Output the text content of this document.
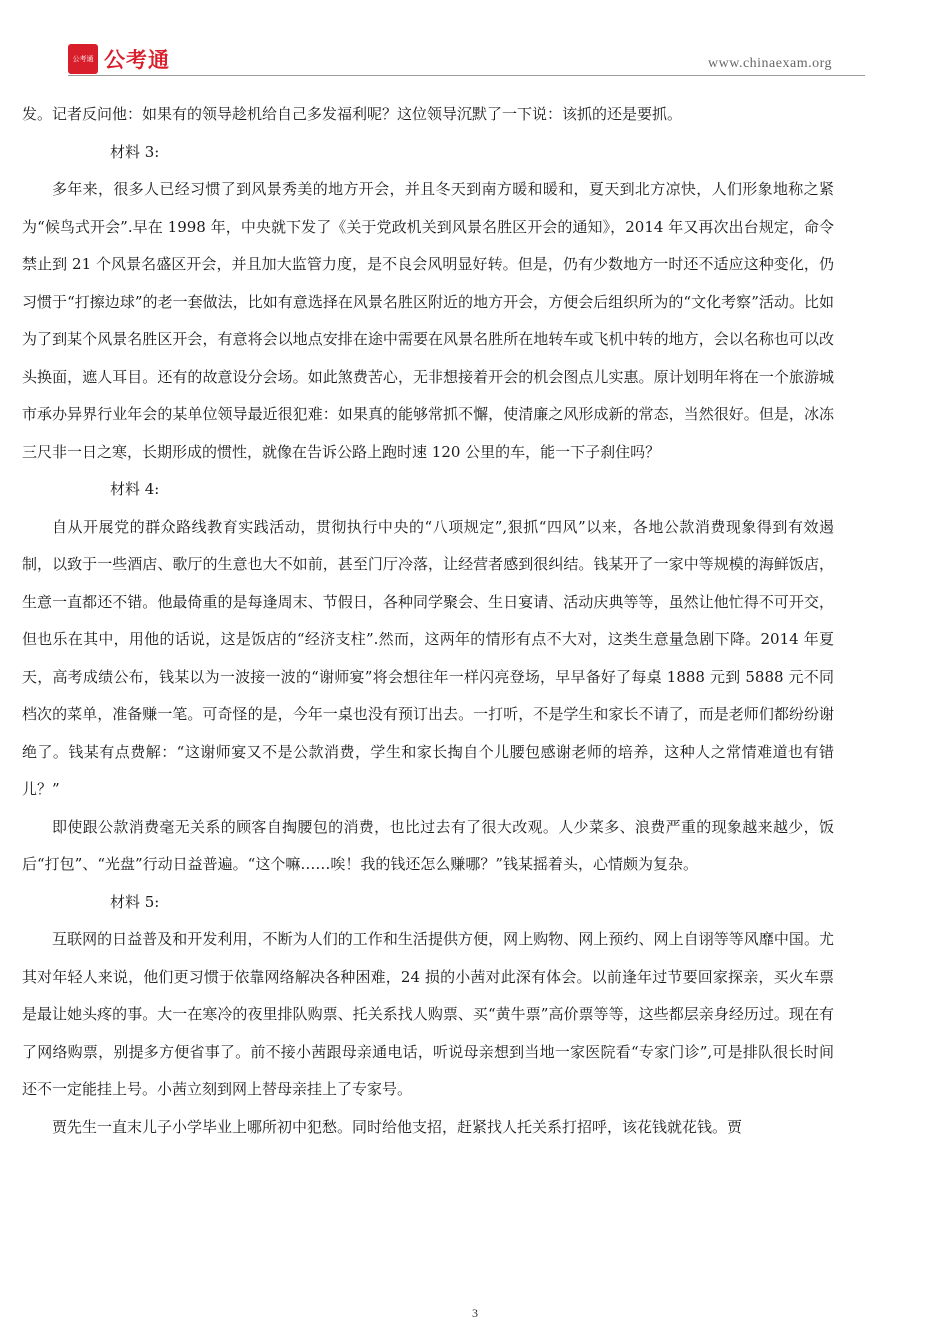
公考通 公考通	www.chinaexam.org

发。记者反问他：如果有的领导趁机给自己多发福利呢？这位领导沉默了一下说：该抓的还是要抓。

材料 3:

多年来，很多人已经习惯了到风景秀美的地方开会，并且冬天到南方暖和暖和，夏天到北方凉快，人们形象地称之紧为“候鸟式开会”.早在 1998 年，中央就下发了《关于党政机关到风景名胜区开会的通知》，2014 年又再次出台规定，命令禁止到 21 个风景名盛区开会，并且加大监管力度，是不良会风明显好转。但是，仍有少数地方一时还不适应这种变化，仍习惯于“打擦边球”的老一套做法，比如有意选择在风景名胜区附近的地方开会，方便会后组织所为的“文化考察”活动。比如为了到某个风景名胜区开会，有意将会以地点安排在途中需要在风景名胜所在地转车或飞机中转的地方，会以名称也可以改头换面，遮人耳目。还有的故意设分会场。如此煞费苦心，无非想接着开会的机会图点儿实惠。原计划明年将在一个旅游城市承办异界行业年会的某单位领导最近很犯难：如果真的能够常抓不懈，使清廉之风形成新的常态，当然很好。但是，冰冻三尺非一日之寒，长期形成的惯性，就像在告诉公路上跑时速 120 公里的车，能一下子刹住吗？

材料 4:

自从开展党的群众路线教育实践活动，贯彻执行中央的“八项规定”,狠抓“四风”以来，各地公款消费现象得到有效遏制，以致于一些酒店、歌厅的生意也大不如前，甚至门厅冷落，让经营者感到很纠结。钱某开了一家中等规模的海鲜饭店，生意一直都还不错。他最倚重的是每逢周末、节假日，各种同学聚会、生日宴请、活动庆典等等，虽然让他忙得不可开交，但也乐在其中，用他的话说，这是饭店的“经济支柱”.然而，这两年的情形有点不大对，这类生意量急剧下降。2014 年夏天，高考成绩公布，钱某以为一波接一波的“谢师宴”将会想往年一样闪亮登场，早早备好了每桌 1888 元到 5888 元不同档次的菜单，准备赚一笔。可奇怪的是，今年一桌也没有预订出去。一打听，不是学生和家长不请了，而是老师们都纷纷谢绝了。钱某有点费解：“这谢师宴又不是公款消费，学生和家长掏自个儿腰包感谢老师的培养，这种人之常情难道也有错儿？”

即使跟公款消费毫无关系的顾客自掏腰包的消费，也比过去有了很大改观。人少菜多、浪费严重的现象越来越少，饭后“打包”、“光盘”行动日益普遍。“这个嘛……唉！我的钱还怎么赚哪？”钱某摇着头，心情颇为复杂。

材料 5:

互联网的日益普及和开发利用，不断为人们的工作和生活提供方便，网上购物、网上预约、网上自诩等等风靡中国。尤其对年轻人来说，他们更习惯于依靠网络解决各种困难，24 损的小茜对此深有体会。以前逢年过节要回家探亲，买火车票是最让她头疼的事。大一在寒冷的夜里排队购票、托关系找人购票、买“黄牛票”高价票等等，这些都层亲身经历过。现在有了网络购票，别提多方便省事了。前不接小茜跟母亲通电话，听说母亲想到当地一家医院看“专家门诊”,可是排队很长时间还不一定能挂上号。小茜立刻到网上替母亲挂上了专家号。

贾先生一直末儿子小学毕业上哪所初中犯愁。同时给他支招，赶紧找人托关系打招呼，该花钱就花钱。贾

3
